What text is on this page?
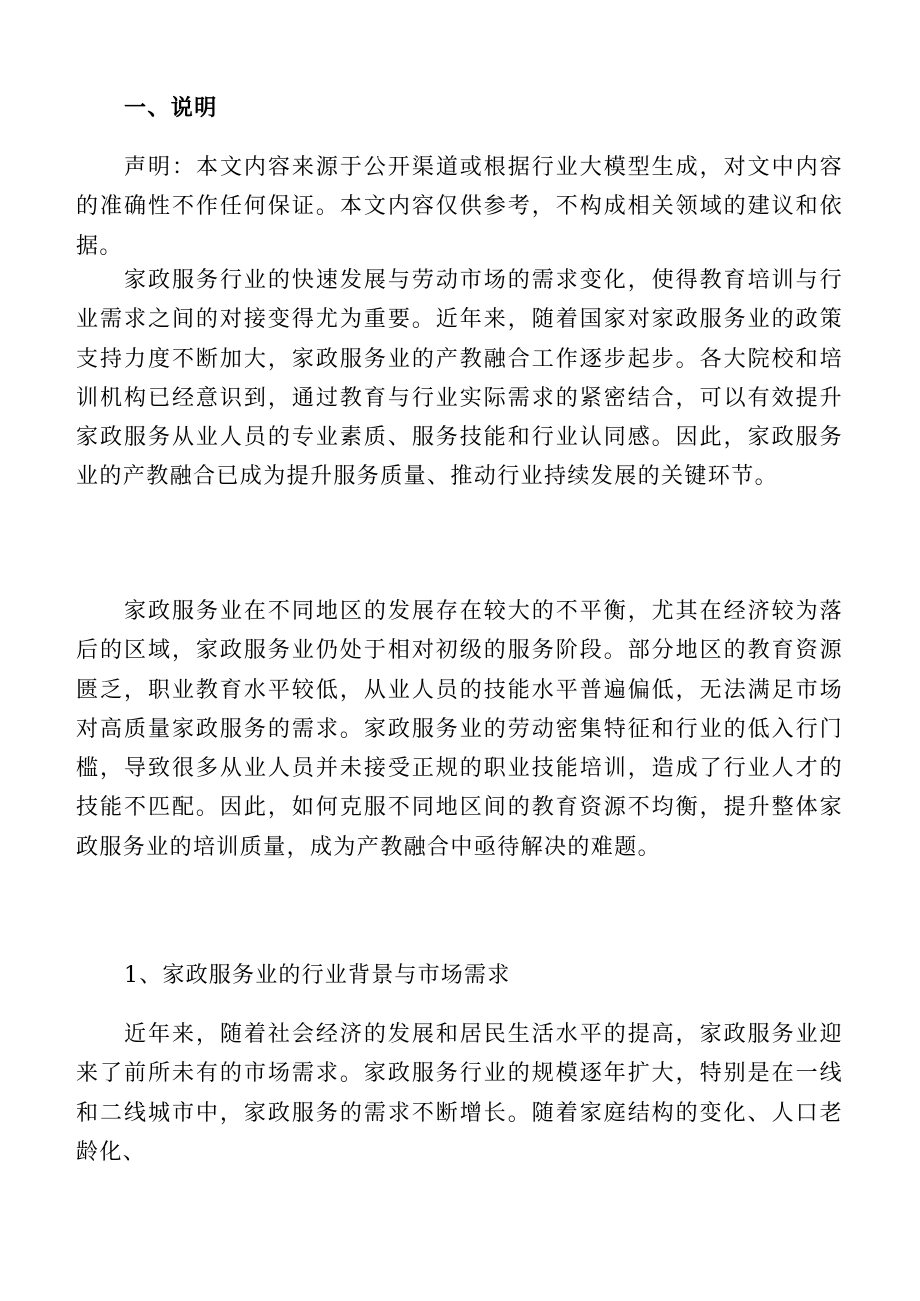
一、说明
声明：本文内容来源于公开渠道或根据行业大模型生成，对文中内容的准确性不作任何保证。本文内容仅供参考，不构成相关领域的建议和依据。
家政服务行业的快速发展与劳动市场的需求变化，使得教育培训与行业需求之间的对接变得尤为重要。近年来，随着国家对家政服务业的政策支持力度不断加大，家政服务业的产教融合工作逐步起步。各大院校和培训机构已经意识到，通过教育与行业实际需求的紧密结合，可以有效提升家政服务从业人员的专业素质、服务技能和行业认同感。因此，家政服务业的产教融合已成为提升服务质量、推动行业持续发展的关键环节。
家政服务业在不同地区的发展存在较大的不平衡，尤其在经济较为落后的区域，家政服务业仍处于相对初级的服务阶段。部分地区的教育资源匮乏，职业教育水平较低，从业人员的技能水平普遍偏低，无法满足市场对高质量家政服务的需求。家政服务业的劳动密集特征和行业的低入行门槛，导致很多从业人员并未接受正规的职业技能培训，造成了行业人才的技能不匹配。因此，如何克服不同地区间的教育资源不均衡，提升整体家政服务业的培训质量，成为产教融合中亟待解决的难题。
1、家政服务业的行业背景与市场需求
近年来，随着社会经济的发展和居民生活水平的提高，家政服务业迎来了前所未有的市场需求。家政服务行业的规模逐年扩大，特别是在一线和二线城市中，家政服务的需求不断增长。随着家庭结构的变化、人口老龄化、
